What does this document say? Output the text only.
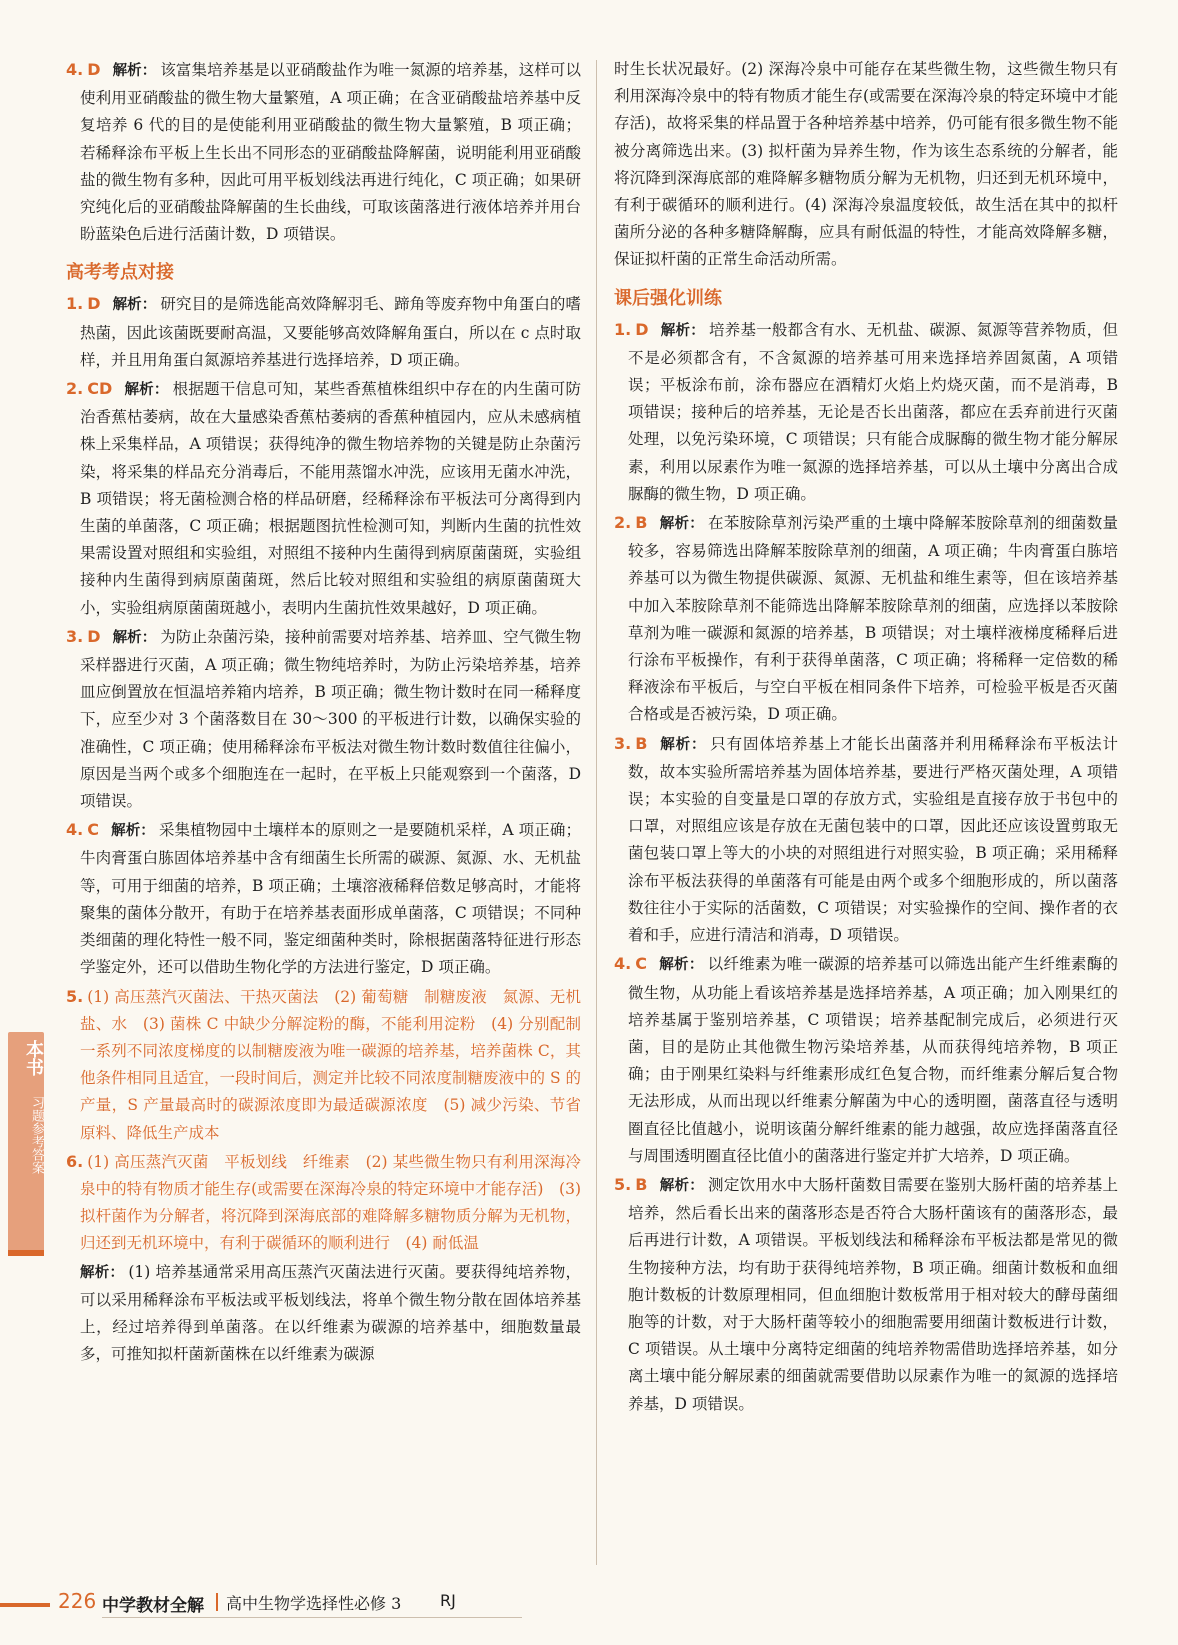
4. D 解析： 该富集培养基是以亚硝酸盐作为唯一氮源的培养基，这样可以使利用亚硝酸盐的微生物大量繁殖，A 项正确；在含亚硝酸盐培养基中反复培养 6 代的目的是使能利用亚硝酸盐的微生物大量繁殖，B 项正确；若稀释涂布平板上生长出不同形态的亚硝酸盐降解菌，说明能利用亚硝酸盐的微生物有多种，因此可用平板划线法再进行纯化，C 项正确；如果研究纯化后的亚硝酸盐降解菌的生长曲线，可取该菌落进行液体培养并用台盼蓝染色后进行活菌计数，D 项错误。
高考考点对接
1. D 解析： 研究目的是筛选能高效降解羽毛、蹄角等废弃物中角蛋白的嗜热菌，因此该菌既要耐高温，又要能够高效降解角蛋白，所以在 c 点时取样，并且用角蛋白氮源培养基进行选择培养，D 项正确。
2. CD 解析： 根据题干信息可知，某些香蕉植株组织中存在的内生菌可防治香蕉枯萎病，故在大量感染香蕉枯萎病的香蕉种植园内，应从未感病植株上采集样品，A 项错误；获得纯净的微生物培养物的关键是防止杂菌污染，将采集的样品充分消毒后，不能用蒸馏水冲洗，应该用无菌水冲洗，B 项错误；将无菌检测合格的样品研磨，经稀释涂布平板法可分离得到内生菌的单菌落，C 项正确；根据题图抗性检测可知，判断内生菌的抗性效果需设置对照组和实验组，对照组不接种内生菌得到病原菌菌斑，实验组接种内生菌得到病原菌菌斑，然后比较对照组和实验组的病原菌菌斑大小，实验组病原菌菌斑越小，表明内生菌抗性效果越好，D 项正确。
3. D 解析： 为防止杂菌污染，接种前需要对培养基、培养皿、空气微生物采样器进行灭菌，A 项正确；微生物纯培养时，为防止污染培养基，培养皿应倒置放在恒温培养箱内培养，B 项正确；微生物计数时在同一稀释度下，应至少对 3 个菌落数目在 30～300 的平板进行计数，以确保实验的准确性，C 项正确；使用稀释涂布平板法对微生物计数时数值往往偏小，原因是当两个或多个细胞连在一起时，在平板上只能观察到一个菌落，D 项错误。
4. C 解析： 采集植物园中土壤样本的原则之一是要随机采样，A 项正确；牛肉膏蛋白胨固体培养基中含有细菌生长所需的碳源、氮源、水、无机盐等，可用于细菌的培养，B 项正确；土壤溶液稀释倍数足够高时，才能将聚集的菌体分散开，有助于在培养基表面形成单菌落，C 项错误；不同种类细菌的理化特性一般不同，鉴定细菌种类时，除根据菌落特征进行形态学鉴定外，还可以借助生物化学的方法进行鉴定，D 项正确。
5. (1) 高压蒸汽灭菌法、干热灭菌法　(2) 葡萄糖　制糖废液　氮源、无机盐、水　(3) 菌株 C 中缺少分解淀粉的酶，不能利用淀粉　(4) 分别配制一系列不同浓度梯度的以制糖废液为唯一碳源的培养基，培养菌株 C，其他条件相同且适宜，一段时间后，测定并比较不同浓度制糖废液中的 S 的产量，S 产量最高时的碳源浓度即为最适碳源浓度　(5) 减少污染、节省原料、降低生产成本
6. (1) 高压蒸汽灭菌　平板划线　纤维素　(2) 某些微生物只有利用深海冷泉中的特有物质才能生存(或需要在深海冷泉的特定环境中才能存活)　(3) 拟杆菌作为分解者，将沉降到深海底部的难降解多糖物质分解为无机物，归还到无机环境中，有利于碳循环的顺利进行　(4) 耐低温
解析： (1) 培养基通常采用高压蒸汽灭菌法进行灭菌。要获得纯培养物，可以采用稀释涂布平板法或平板划线法，将单个微生物分散在固体培养基上，经过培养得到单菌落。在以纤维素为碳源的培养基中，细胞数量最多，可推知拟杆菌新菌株在以纤维素为碳源
时生长状况最好。(2) 深海冷泉中可能存在某些微生物，这些微生物只有利用深海冷泉中的特有物质才能生存(或需要在深海冷泉的特定环境中才能存活)，故将采集的样品置于各种培养基中培养，仍可能有很多微生物不能被分离筛选出来。(3) 拟杆菌为异养生物，作为该生态系统的分解者，能将沉降到深海底部的难降解多糖物质分解为无机物，归还到无机环境中，有利于碳循环的顺利进行。(4) 深海冷泉温度较低，故生活在其中的拟杆菌所分泌的各种多糖降解酶，应具有耐低温的特性，才能高效降解多糖，保证拟杆菌的正常生命活动所需。
课后强化训练
1. D 解析： 培养基一般都含有水、无机盐、碳源、氮源等营养物质，但不是必须都含有，不含氮源的培养基可用来选择培养固氮菌，A 项错误；平板涂布前，涂布器应在酒精灯火焰上灼烧灭菌，而不是消毒，B 项错误；接种后的培养基，无论是否长出菌落，都应在丢弃前进行灭菌处理，以免污染环境，C 项错误；只有能合成脲酶的微生物才能分解尿素，利用以尿素作为唯一氮源的选择培养基，可以从土壤中分离出合成脲酶的微生物，D 项正确。
2. B 解析： 在苯胺除草剂污染严重的土壤中降解苯胺除草剂的细菌数量较多，容易筛选出降解苯胺除草剂的细菌，A 项正确；牛肉膏蛋白胨培养基可以为微生物提供碳源、氮源、无机盐和维生素等，但在该培养基中加入苯胺除草剂不能筛选出降解苯胺除草剂的细菌，应选择以苯胺除草剂为唯一碳源和氮源的培养基，B 项错误；对土壤样液梯度稀释后进行涂布平板操作，有利于获得单菌落，C 项正确；将稀释一定倍数的稀释液涂布平板后，与空白平板在相同条件下培养，可检验平板是否灭菌合格或是否被污染，D 项正确。
3. B 解析： 只有固体培养基上才能长出菌落并利用稀释涂布平板法计数，故本实验所需培养基为固体培养基，要进行严格灭菌处理，A 项错误；本实验的自变量是口罩的存放方式，实验组是直接存放于书包中的口罩，对照组应该是存放在无菌包装中的口罩，因此还应该设置剪取无菌包装口罩上等大的小块的对照组进行对照实验，B 项正确；采用稀释涂布平板法获得的单菌落有可能是由两个或多个细胞形成的，所以菌落数往往小于实际的活菌数，C 项错误；对实验操作的空间、操作者的衣着和手，应进行清洁和消毒，D 项错误。
4. C 解析： 以纤维素为唯一碳源的培养基可以筛选出能产生纤维素酶的微生物，从功能上看该培养基是选择培养基，A 项正确；加入刚果红的培养基属于鉴别培养基，C 项错误；培养基配制完成后，必须进行灭菌，目的是防止其他微生物污染培养基，从而获得纯培养物，B 项正确；由于刚果红染料与纤维素形成红色复合物，而纤维素分解后复合物无法形成，从而出现以纤维素分解菌为中心的透明圈，菌落直径与透明圈直径比值越小，说明该菌分解纤维素的能力越强，故应选择菌落直径与周围透明圈直径比值小的菌落进行鉴定并扩大培养，D 项正确。
5. B 解析： 测定饮用水中大肠杆菌数目需要在鉴别大肠杆菌的培养基上培养，然后看长出来的菌落形态是否符合大肠杆菌该有的菌落形态，最后再进行计数，A 项错误。平板划线法和稀释涂布平板法都是常见的微生物接种方法，均有助于获得纯培养物，B 项正确。细菌计数板和血细胞计数板的计数原理相同，但血细胞计数板常用于相对较大的酵母菌细胞等的计数，对于大肠杆菌等较小的细胞需要用细菌计数板进行计数，C 项错误。从土壤中分离特定细菌的纯培养物需借助选择培养基，如分离土壤中能分解尿素的细菌就需要借助以尿素作为唯一的氮源的选择培养基，D 项错误。
本书
习题参考答案
226 中学教材全解 高中生物学选择性必修 3 RJ
